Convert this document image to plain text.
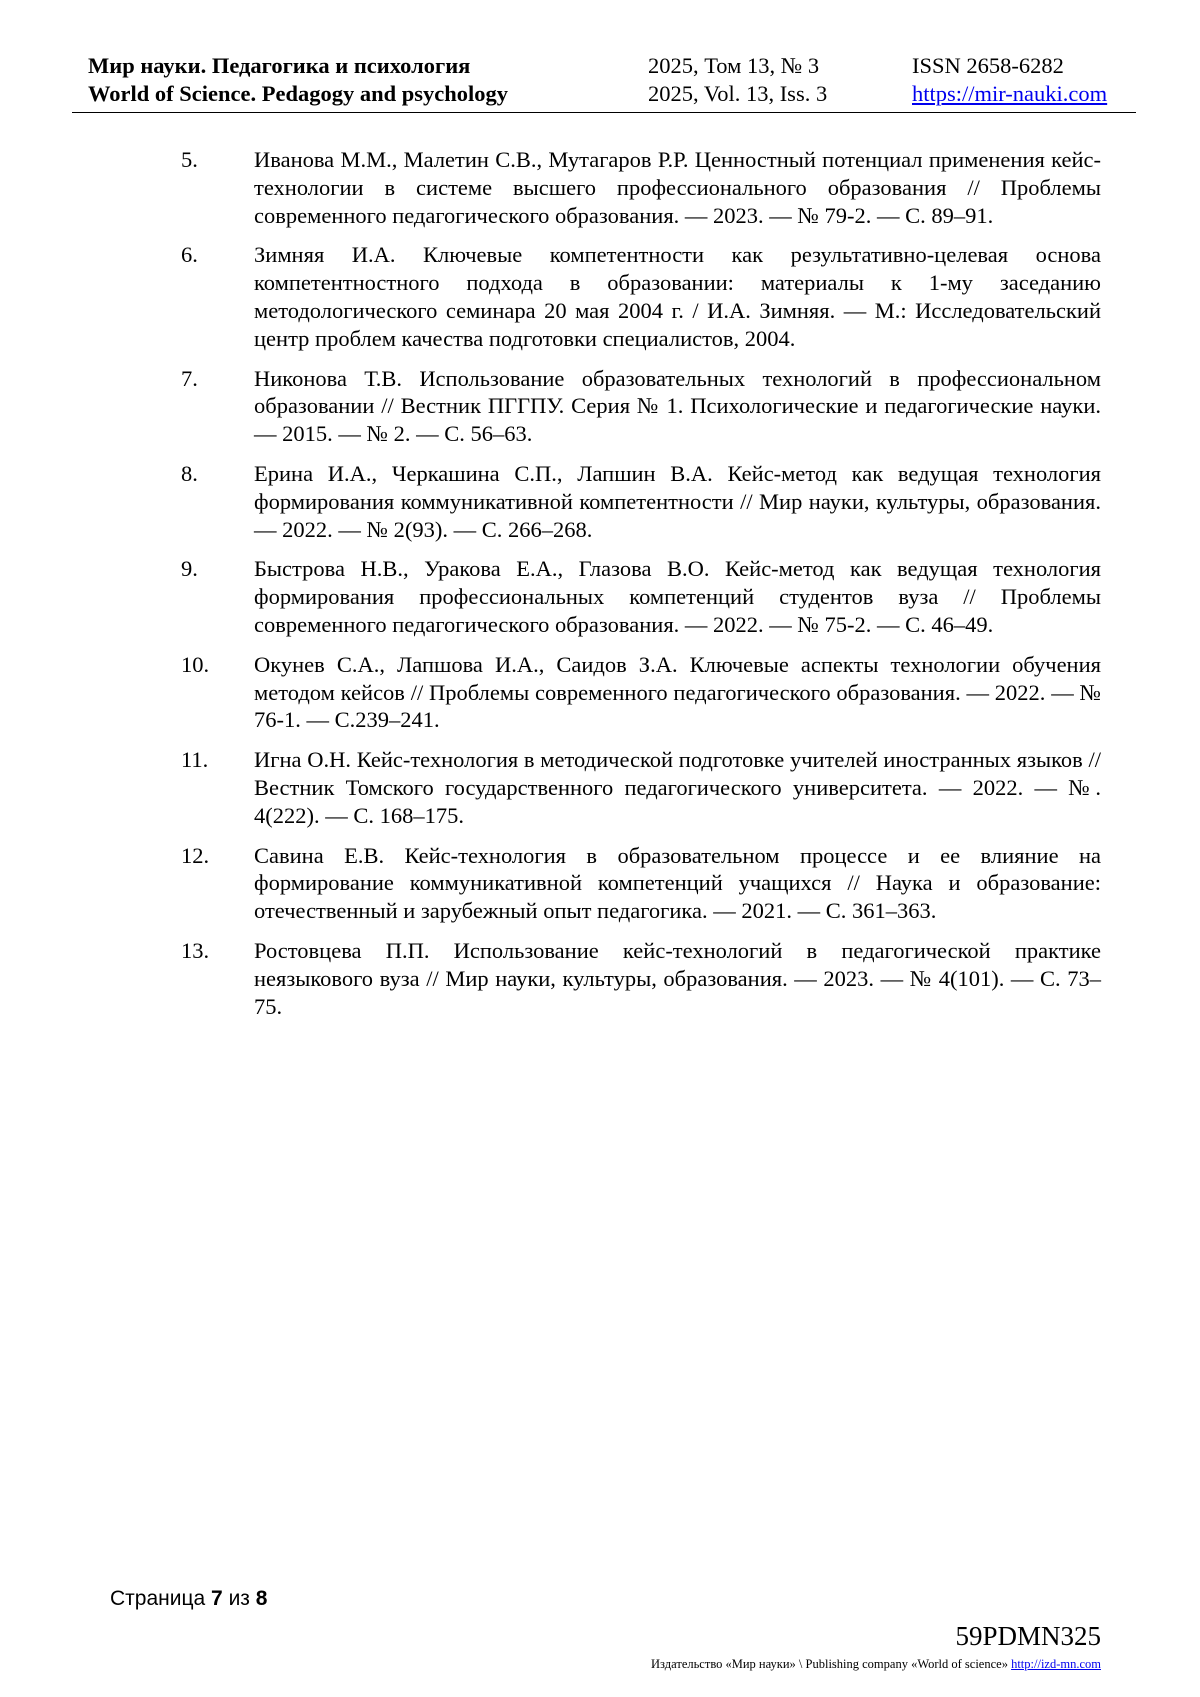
Мир науки. Педагогика и психология
World of Science. Pedagogy and psychology
2025, Том 13, № 3
2025, Vol. 13, Iss. 3
ISSN 2658-6282
https://mir-nauki.com
5. Иванова М.М., Малетин С.В., Мутагаров Р.Р. Ценностный потенциал применения кейс-технологии в системе высшего профессионального образования // Проблемы современного педагогического образования. — 2023. — № 79-2. — С. 89–91.
6. Зимняя И.А. Ключевые компетентности как результативно-целевая основа компетентностного подхода в образовании: материалы к 1-му заседанию методологического семинара 20 мая 2004 г. / И.А. Зимняя. — М.: Исследовательский центр проблем качества подготовки специалистов, 2004.
7. Никонова Т.В. Использование образовательных технологий в профессиональном образовании // Вестник ПГГПУ. Серия № 1. Психологические и педагогические науки. — 2015. — № 2. — С. 56–63.
8. Ерина И.А., Черкашина С.П., Лапшин В.А. Кейс-метод как ведущая технология формирования коммуникативной компетентности // Мир науки, культуры, образования. — 2022. — № 2(93). — С. 266–268.
9. Быстрова Н.В., Уракова Е.А., Глазова В.О. Кейс-метод как ведущая технология формирования профессиональных компетенций студентов вуза // Проблемы современного педагогического образования. — 2022. — № 75-2. — С. 46–49.
10. Окунев С.А., Лапшова И.А., Саидов З.А. Ключевые аспекты технологии обучения методом кейсов // Проблемы современного педагогического образования. — 2022. — № 76-1. — С.239–241.
11. Игна О.Н. Кейс-технология в методической подготовке учителей иностранных языков // Вестник Томского государственного педагогического университета. — 2022. — №. 4(222). — С. 168–175.
12. Савина Е.В. Кейс-технология в образовательном процессе и ее влияние на формирование коммуникативной компетенций учащихся // Наука и образование: отечественный и зарубежный опыт педагогика. — 2021. — С. 361–363.
13. Ростовцева П.П. Использование кейс-технологий в педагогической практике неязыкового вуза // Мир науки, культуры, образования. — 2023. — № 4(101). — С. 73–75.
Страница 7 из 8
59PDMN325
Издательство «Мир науки» \ Publishing company «World of science» http://izd-mn.com
